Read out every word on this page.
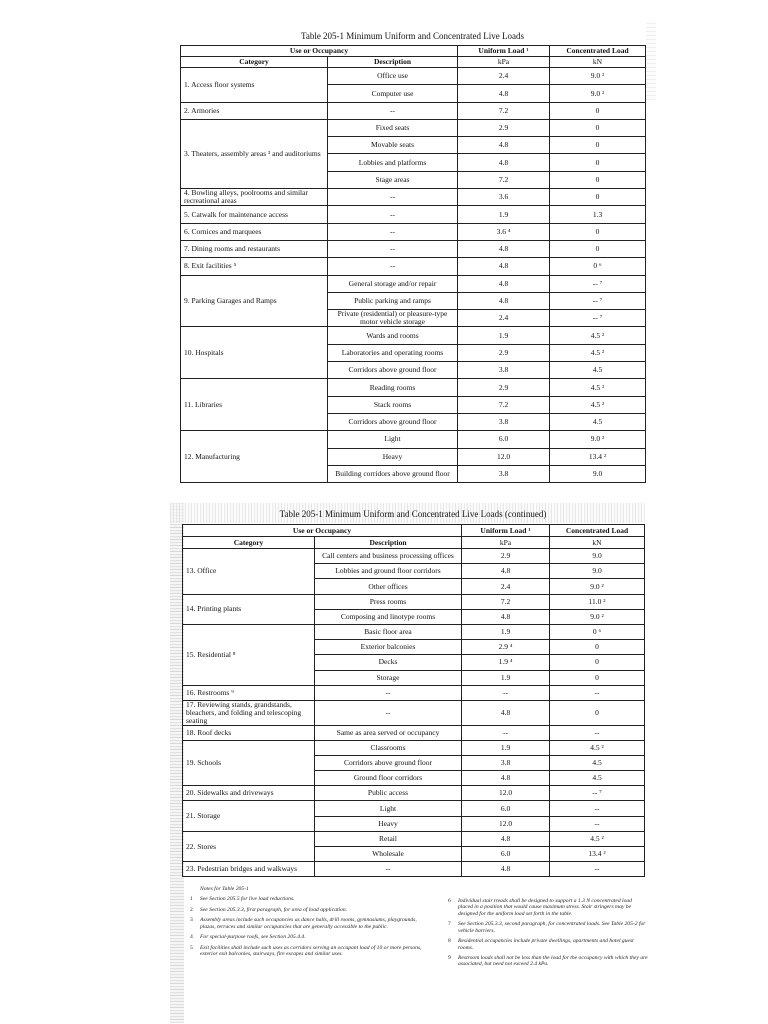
Table 205-1 Minimum Uniform and Concentrated Live Loads
Use or Occupancy		Uniform Load ¹	Concentrated Load
Category	Description	kPa	kN
1. Access floor systems	Office use	2.4	9.0 ²
	Computer use	4.8	9.0 ²
2. Armories	--	7.2	0
3. Theaters, assembly areas ³ and auditoriums	Fixed seats	2.9	0
	Movable seats	4.8	0
	Lobbies and platforms	4.8	0
	Stage areas	7.2	0
4. Bowling alleys, poolrooms and similar recreational areas	--	3.6	0
5. Catwalk for maintenance access	--	1.9	1.3
6. Cornices and marquees	--	3.6 ⁴	0
7. Dining rooms and restaurants	--	4.8	0
8. Exit facilities ⁵	--	4.8	0 ⁶
9. Parking Garages and Ramps	General storage and/or repair	4.8	-- ⁷
	Public parking and ramps	4.8	-- ⁷
	Private (residential) or pleasure-type motor vehicle storage	2.4	-- ⁷
10. Hospitals	Wards and rooms	1.9	4.5 ²
	Laboratories and operating rooms	2.9	4.5 ²
	Corridors above ground floor	3.8	4.5
11. Libraries	Reading rooms	2.9	4.5 ²
	Stack rooms	7.2	4.5 ²
	Corridors above ground floor	3.8	4.5
12. Manufacturing	Light	6.0	9.0 ²
	Heavy	12.0	13.4 ²
	Building corridors above ground floor	3.8	9.0
Table 205-1 Minimum Uniform and Concentrated Live Loads (continued)
Use or Occupancy		Uniform Load ¹	Concentrated Load
Category	Description	kPa	kN
13. Office	Call centers and business processing offices	2.9	9.0
	Lobbies and ground floor corridors	4.8	9.0
	Other offices	2.4	9.0 ²
14. Printing plants	Press rooms	7.2	11.0 ²
	Composing and linotype rooms	4.8	9.0 ²
15. Residential ⁸	Basic floor area	1.9	0 ⁶
	Exterior balconies	2.9 ⁴	0
	Decks	1.9 ⁴	0
	Storage	1.9	0
16. Restrooms ⁹	--	--	--
17. Reviewing stands, grandstands, bleachers, and folding and telescoping seating	--	4.8	0
18. Roof decks	Same as area served or occupancy	--	--
19. Schools	Classrooms	1.9	4.5 ²
	Corridors above ground floor	3.8	4.5
	Ground floor corridors	4.8	4.5
20. Sidewalks and driveways	Public access	12.0	-- ⁷
21. Storage	Light	6.0	--
	Heavy	12.0	--
22. Stores	Retail	4.8	4.5 ²
	Wholesale	6.0	13.4 ²
23. Pedestrian bridges and walkways	--	4.8	--
Notes for Table 205-1
1	See Section 205.5 for live load reductions.
2	See Section 205.3.3, first paragraph, for area of load application.
3	Assembly areas include such occupancies as dance halls, drill rooms, gymnasiums, playgrounds, plazas, terraces and similar occupancies that are generally accessible to the public.
4	For special-purpose roofs, see Section 205.4.4.
5	Exit facilities shall include such uses as corridors serving an occupant load of 10 or more persons, exterior exit balconies, stairways, fire escapes and similar uses.
6	Individual stair treads shall be designed to support a 1.3 N concentrated load placed in a position that would cause maximum stress. Stair stringers may be designed for the uniform load set forth in the table.
7	See Section 205.3.3, second paragraph, for concentrated loads. See Table 205-2 for vehicle barriers.
8	Residential occupancies include private dwellings, apartments and hotel guest rooms.
9	Restroom loads shall not be less than the load for the occupancy with which they are associated, but need not exceed 2.4 kPa.
